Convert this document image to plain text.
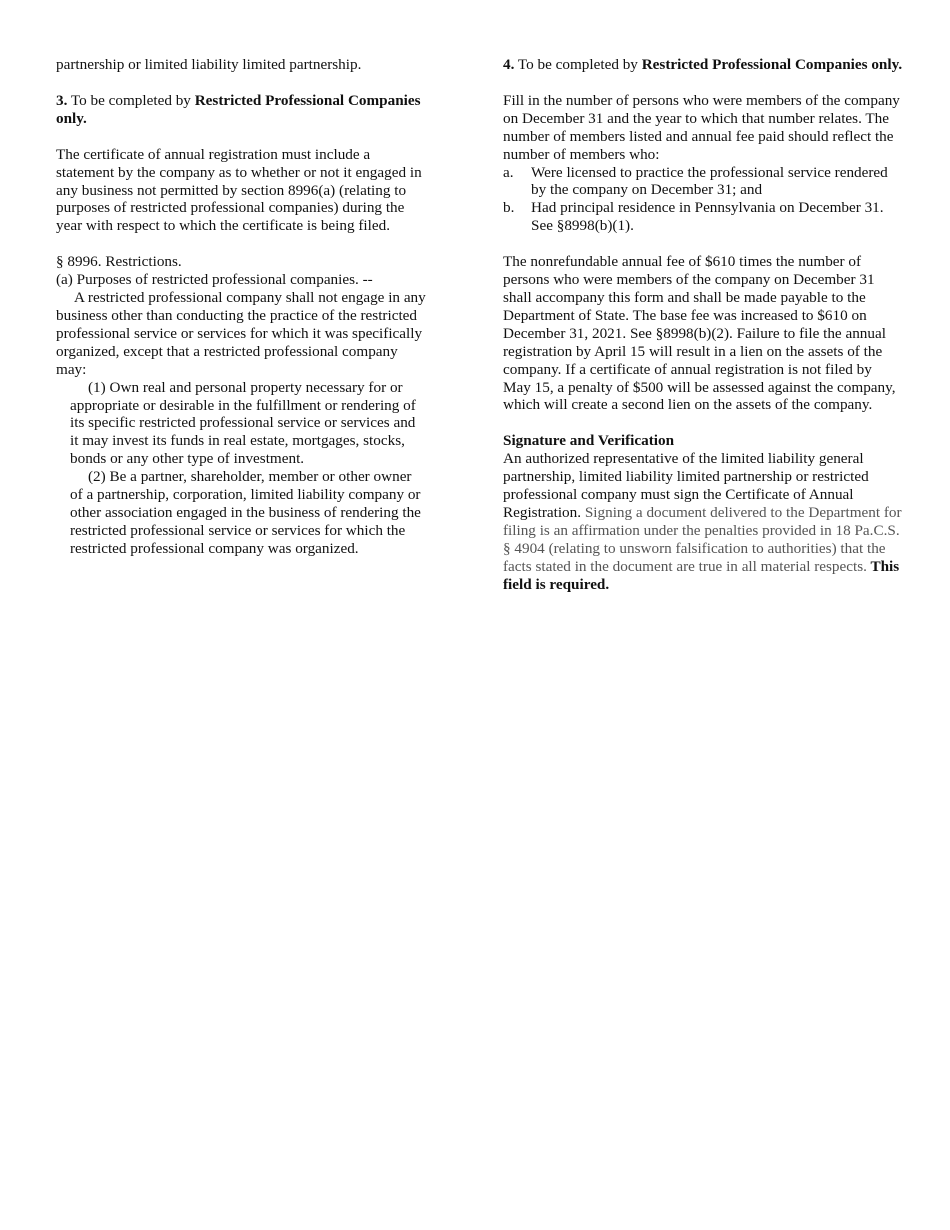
partnership or limited liability limited partnership.

3. To be completed by Restricted Professional Companies only.

The certificate of annual registration must include a statement by the company as to whether or not it engaged in any business not permitted by section 8996(a) (relating to purposes of restricted professional companies) during the year with respect to which the certificate is being filed.

§ 8996. Restrictions.

(a) Purposes of restricted professional companies. --

A restricted professional company shall not engage in any business other than conducting the practice of the restricted professional service or services for which it was specifically organized, except that a restricted professional company may:

(1) Own real and personal property necessary for or appropriate or desirable in the fulfillment or rendering of its specific restricted professional service or services and it may invest its funds in real estate, mortgages, stocks, bonds or any other type of investment.

(2) Be a partner, shareholder, member or other owner of a partnership, corporation, limited liability company or other association engaged in the business of rendering the restricted professional service or services for which the restricted professional company was organized.

4. To be completed by Restricted Professional Companies only.

Fill in the number of persons who were members of the company on December 31 and the year to which that number relates. The number of members listed and annual fee paid should reflect the number of members who:

a.	Were licensed to practice the professional service rendered by the company on December 31; and
b.	Had principal residence in Pennsylvania on December 31. See §8998(b)(1).

The nonrefundable annual fee of $610 times the number of persons who were members of the company on December 31 shall accompany this form and shall be made payable to the Department of State. The base fee was increased to $610 on December 31, 2021. See §8998(b)(2). Failure to file the annual registration by April 15 will result in a lien on the assets of the company. If a certificate of annual registration is not filed by May 15, a penalty of $500 will be assessed against the company, which will create a second lien on the assets of the company.

Signature and Verification

An authorized representative of the limited liability general partnership, limited liability limited partnership or restricted professional company must sign the Certificate of Annual Registration. Signing a document delivered to the Department for filing is an affirmation under the penalties provided in 18 Pa.C.S. § 4904 (relating to unsworn falsification to authorities) that the facts stated in the document are true in all material respects. This field is required.
